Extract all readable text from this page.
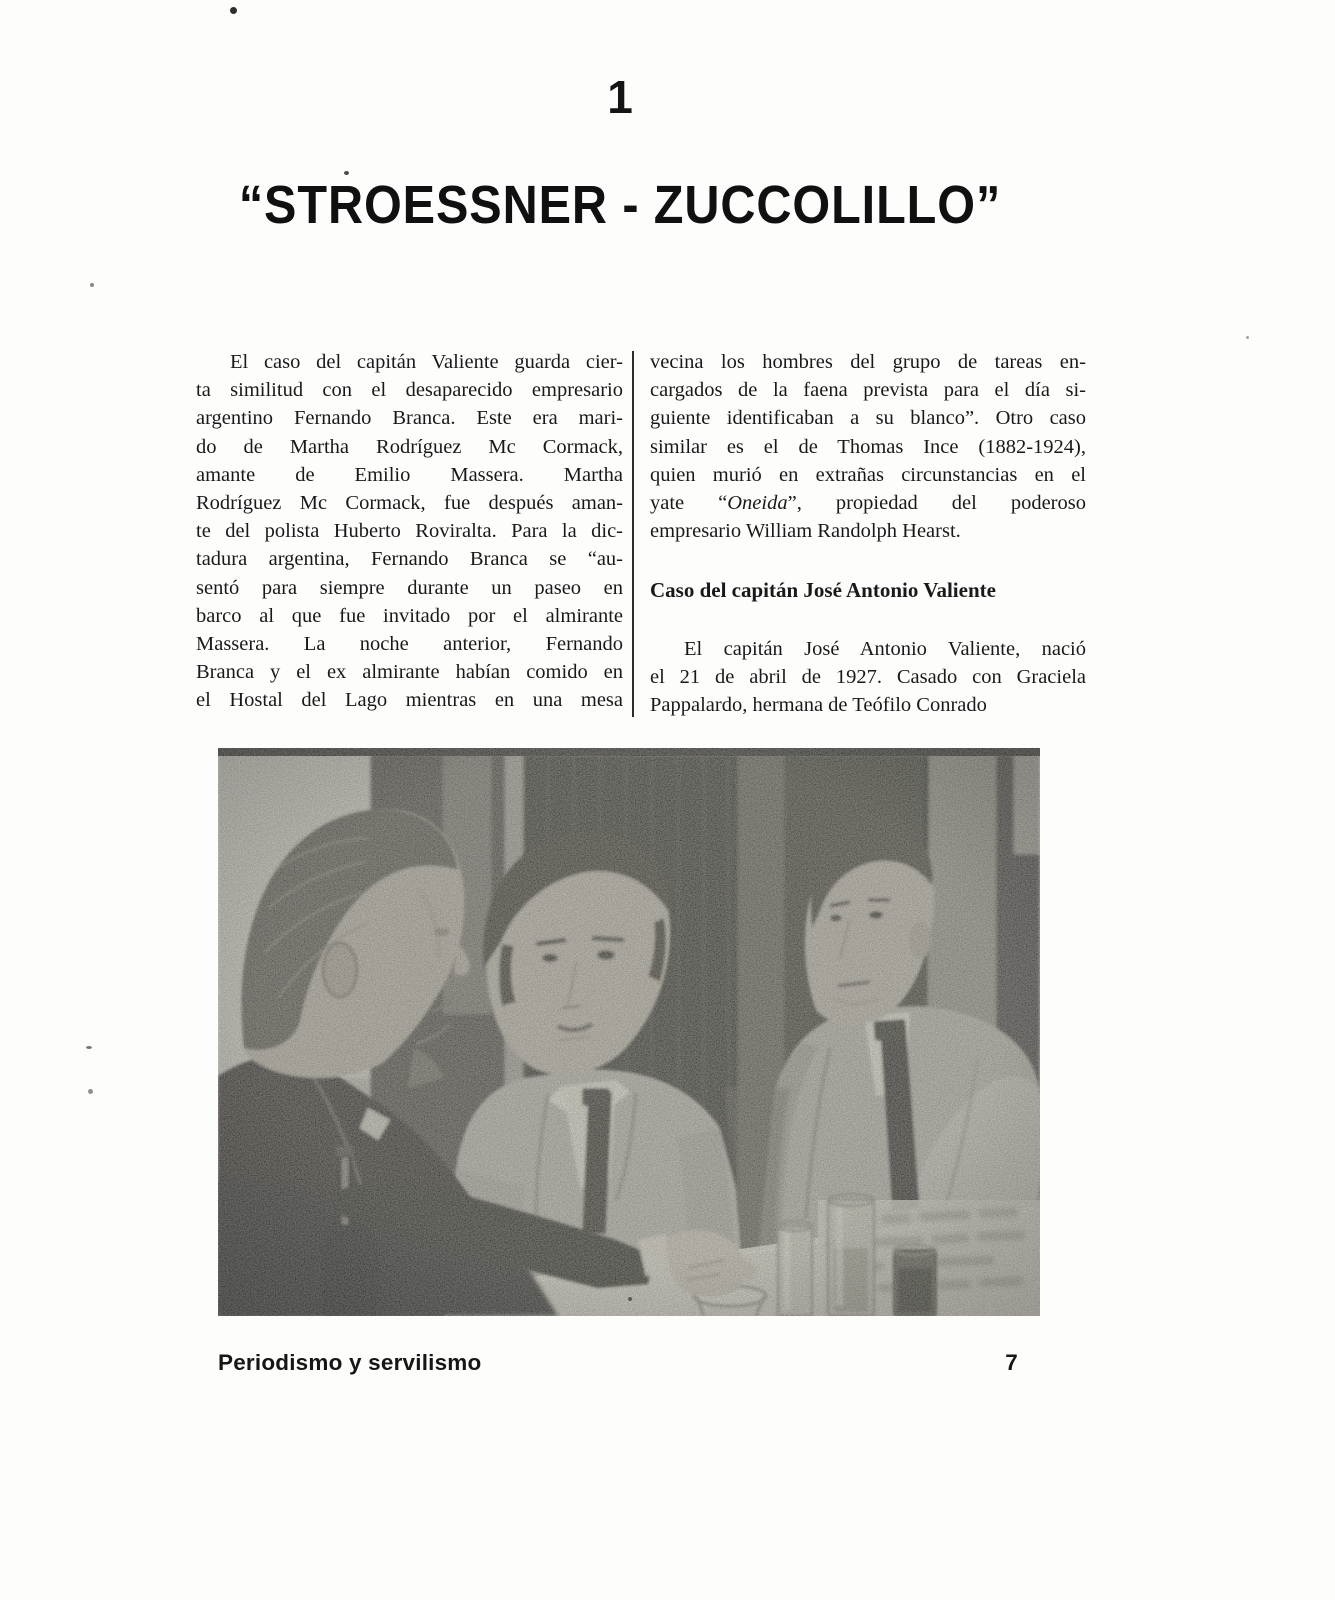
1
“STROESSNER - ZUCCOLILLO”
El caso del capitán Valiente guarda cier-
ta similitud con el desaparecido empresario
argentino Fernando Branca. Este era mari-
do de Martha Rodríguez Mc Cormack,
amante de Emilio Massera. Martha
Rodríguez Mc Cormack, fue después aman-
te del polista Huberto Roviralta. Para la dic-
tadura argentina, Fernando Branca se “au-
sentó para siempre durante un paseo en
barco al que fue invitado por el almirante
Massera. La noche anterior, Fernando
Branca y el ex almirante habían comido en
el Hostal del Lago mientras en una mesa
vecina los hombres del grupo de tareas en-
cargados de la faena prevista para el día si-
guiente identificaban a su blanco”. Otro caso
similar es el de Thomas Ince (1882-1924),
quien murió en extrañas circunstancias en el
yate “Oneida”, propiedad del poderoso
empresario William Randolph Hearst.
Caso del capitán José Antonio Valiente
El capitán José Antonio Valiente, nació
el 21 de abril de 1927. Casado con Graciela
Pappalardo, hermana de Teófilo Conrado
Periodismo y servilismo	7
